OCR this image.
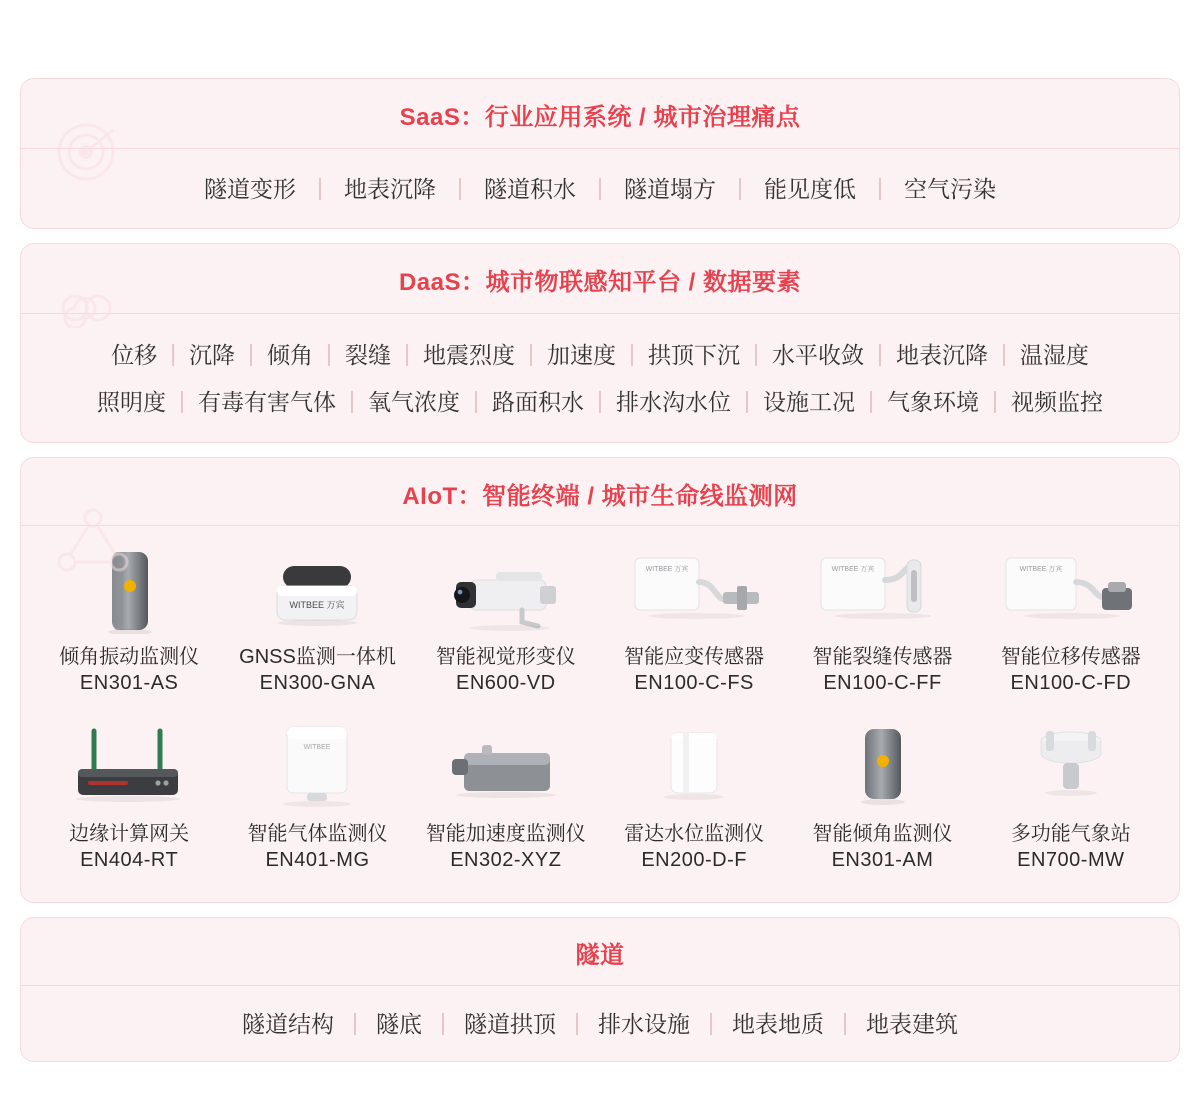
SaaS：行业应用系统 / 城市治理痛点
隧道变形 | 地表沉降 | 隧道积水 | 隧道塌方 | 能见度低 | 空气污染
DaaS：城市物联感知平台 / 数据要素
位移 | 沉降 | 倾角 | 裂缝 | 地震烈度 | 加速度 | 拱顶下沉 | 水平收敛 | 地表沉降 | 温湿度
照明度 | 有毒有害气体 | 氧气浓度 | 路面积水 | 排水沟水位 | 设施工况 | 气象环境 | 视频监控
AIoT：智能终端 / 城市生命线监测网
倾角振动监测仪
EN301-AS
WITBEE 万宾
GNSS监测一体机
EN300-GNA
智能视觉形变仪
EN600-VD
WITBEE 万宾
智能应变传感器
EN100-C-FS
WITBEE 万宾
智能裂缝传感器
EN100-C-FF
WITBEE 万宾
智能位移传感器
EN100-C-FD
边缘计算网关
EN404-RT
WITBEE
智能气体监测仪
EN401-MG
智能加速度监测仪
EN302-XYZ
雷达水位监测仪
EN200-D-F
智能倾角监测仪
EN301-AM
多功能气象站
EN700-MW
隧道
隧道结构 | 隧底 | 隧道拱顶 | 排水设施 | 地表地质 | 地表建筑
